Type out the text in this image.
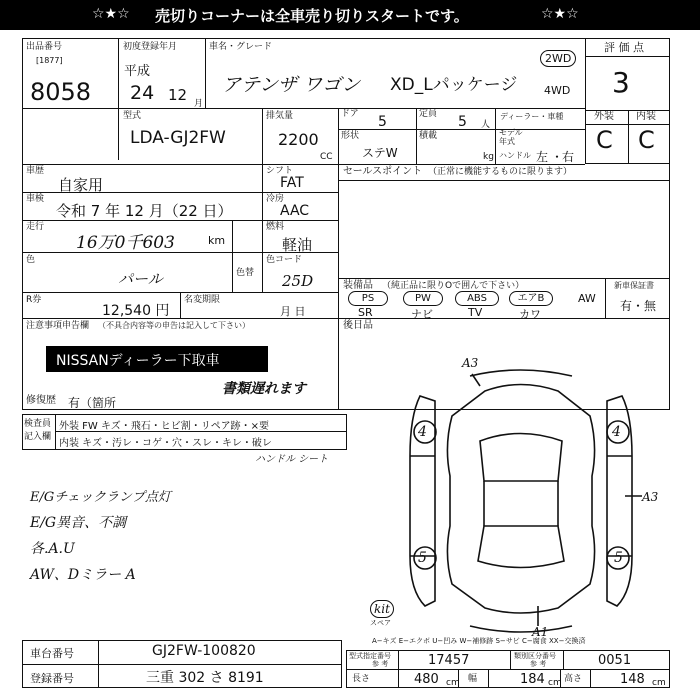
☆★☆ 売切りコーナーは全車売り切りスタートです。	☆★☆
出品番号
[1877]
8058
初度登録年月
平成
24 12 月
車名・グレード
アテンザ ワゴン XD_Lパッケージ
2WD
4WD
評 価 点
3
外装 内装
C C
型式
LDA-GJ2FW
排気量
2200
CC
ドア 5	定員 5 人
ディーラー・車種
形状
ステW
積載
kg
モデル
年式
ハンドル 左 ・
右
車歴
自家用
シフト
FAT
車検
令和 7 年 12 月（22 日）
冷房
AAC
走行
16万0千603	km
燃料
軽油
色
パール	色替
色コード
25D
R券
12,540 円
名変期限
月 日
注意事項申告欄 （不具合内容等の申告は記入して下さい）
NISSANディーラー下取車
書類遅れます
修復歴 有（箇所
セールスポイント （正常に機能するものに限ります）
装備品 （純正品に限りOで囲んで下さい）	新車保証書
有・無
PS	PW	ABS	エアB	AW
SR	ナビ	TV	カワ
後日品
検査員
記入欄
外装 FW キズ・飛石・ヒビ割・リペア跡・×要
内装 キズ・汚レ・コゲ・穴・スレ・キレ・破レ
ハンドル シート
E/Gチェックランプ点灯
E/G異音、不調
各.A.U
AW、Dミラー A
A3
A3
4	4
5	5
A1
kit
スペア
A−キズ E−エクボ U−凹み W−補修跡 S−サビ C−腐食 XX−交換済
車台番号	GJ2FW-100820
登録番号	三重 302 さ 8191
型式指定番号
参 考	17457	類別区分番号
参 考	0051
長さ	480 cm 幅	184 cm 高さ	148 cm
